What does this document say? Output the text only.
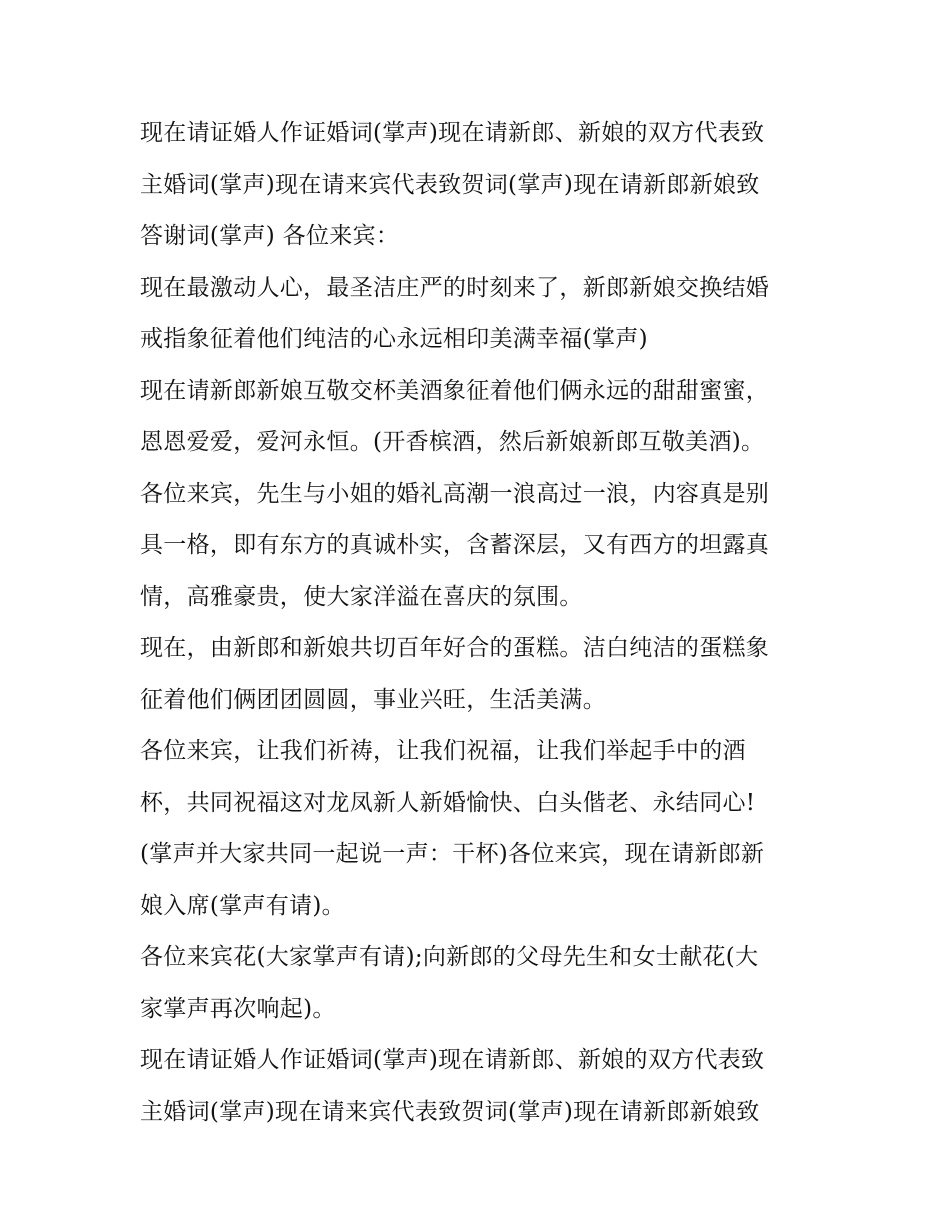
现在请证婚人作证婚词(掌声)现在请新郎、新娘的双方代表致
主婚词(掌声)现在请来宾代表致贺词(掌声)现在请新郎新娘致
答谢词(掌声) 各位来宾：
现在最激动人心，最圣洁庄严的时刻来了，新郎新娘交换结婚
戒指象征着他们纯洁的心永远相印美满幸福(掌声)
现在请新郎新娘互敬交杯美酒象征着他们俩永远的甜甜蜜蜜，
恩恩爱爱，爱河永恒。(开香槟酒，然后新娘新郎互敬美酒)。
各位来宾，先生与小姐的婚礼高潮一浪高过一浪，内容真是别
具一格，即有东方的真诚朴实，含蓄深层，又有西方的坦露真
情，高雅豪贵，使大家洋溢在喜庆的氛围。
现在，由新郎和新娘共切百年好合的蛋糕。洁白纯洁的蛋糕象
征着他们俩团团圆圆，事业兴旺，生活美满。
各位来宾，让我们祈祷，让我们祝福，让我们举起手中的酒
杯，共同祝福这对龙凤新人新婚愉快、白头偕老、永结同心!
(掌声并大家共同一起说一声：干杯)各位来宾，现在请新郎新
娘入席(掌声有请)。
各位来宾花(大家掌声有请);向新郎的父母先生和女士献花(大
家掌声再次响起)。
现在请证婚人作证婚词(掌声)现在请新郎、新娘的双方代表致
主婚词(掌声)现在请来宾代表致贺词(掌声)现在请新郎新娘致
